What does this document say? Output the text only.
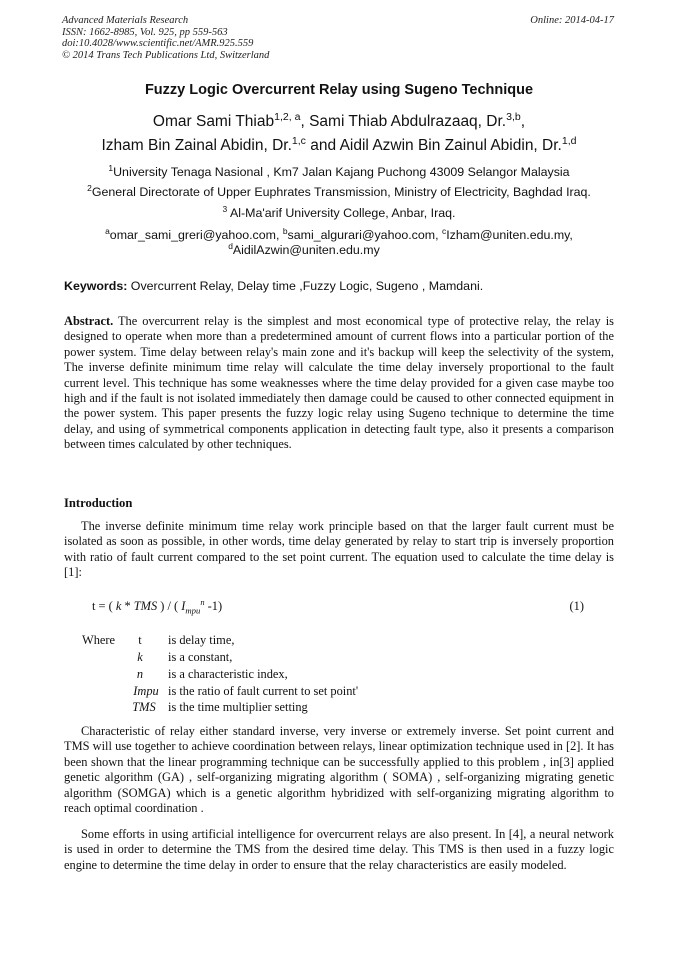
Advanced Materials Research
ISSN: 1662-8985, Vol. 925, pp 559-563
doi:10.4028/www.scientific.net/AMR.925.559
© 2014 Trans Tech Publications Ltd, Switzerland
Online: 2014-04-17
Fuzzy Logic Overcurrent Relay using Sugeno Technique
Omar Sami Thiab$^{1,2, a}$, Sami Thiab Abdulrazaaq, Dr.$^{3,b}$,
Izham Bin Zainal Abidin, Dr.$^{1,c}$ and Aidil Azwin Bin Zainul Abidin, Dr.$^{1,d}$
$^1$University Tenaga Nasional , Km7 Jalan Kajang Puchong 43009 Selangor Malaysia
$^2$General Directorate of Upper Euphrates Transmission, Ministry of Electricity, Baghdad Iraq.
$^3$ Al-Ma'arif University College, Anbar, Iraq.
$^a$omar_sami_greri@yahoo.com, $^b$sami_algurari@yahoo.com, $^c$Izham@uniten.edu.my,
$^d$AidilAzwin@uniten.edu.my
Keywords: Overcurrent Relay, Delay time ,Fuzzy Logic, Sugeno , Mamdani.
Abstract. The overcurrent relay is the simplest and most economical type of protective relay, the relay is designed to operate when more than a predetermined amount of current flows into a particular portion of the power system. Time delay between relay's main zone and it's backup will keep the selectivity of the system, The inverse definite minimum time relay will calculate the time delay inversely proportional to the fault current level. This technique has some weaknesses where the time delay provided for a given case maybe too high and if the fault is not isolated immediately then damage could be caused to other connected equipment in the power system. This paper presents the fuzzy logic relay using Sugeno technique to determine the time delay, and using of symmetrical components application in detecting fault type, also it presents a comparison between times calculated by other techniques.
Introduction
The inverse definite minimum time relay work principle based on that the larger fault current must be isolated as soon as possible, in other words, time delay generated by relay to start trip is inversely proportion with ratio of fault current compared to the set point current. The equation used to calculate the time delay is [1]:
t = ( k * TMS ) / ( $I_{mpu}^n$ -1)	(1)
Where	t	is delay time,
k	is a constant,
n	is a characteristic index,
Impu is the ratio of fault current to set point'
TMS is the time multiplier setting
Characteristic of relay either standard inverse, very inverse or extremely inverse. Set point current and TMS will use together to achieve coordination between relays, linear optimization technique used in [2]. It has been shown that the linear programming technique can be successfully applied to this problem , in[3] applied genetic algorithm (GA) , self-organizing migrating algorithm ( SOMA) , self-organizing migrating genetic algorithm (SOMGA) which is a genetic algorithm hybridized with self-organizing migrating algorithm to reach optimal coordination .
Some efforts in using artificial intelligence for overcurrent relays are also present. In [4], a neural network is used in order to determine the TMS from the desired time delay. This TMS is then used in a fuzzy logic engine to determine the time delay in order to ensure that the relay characteristics are easily modeled.
